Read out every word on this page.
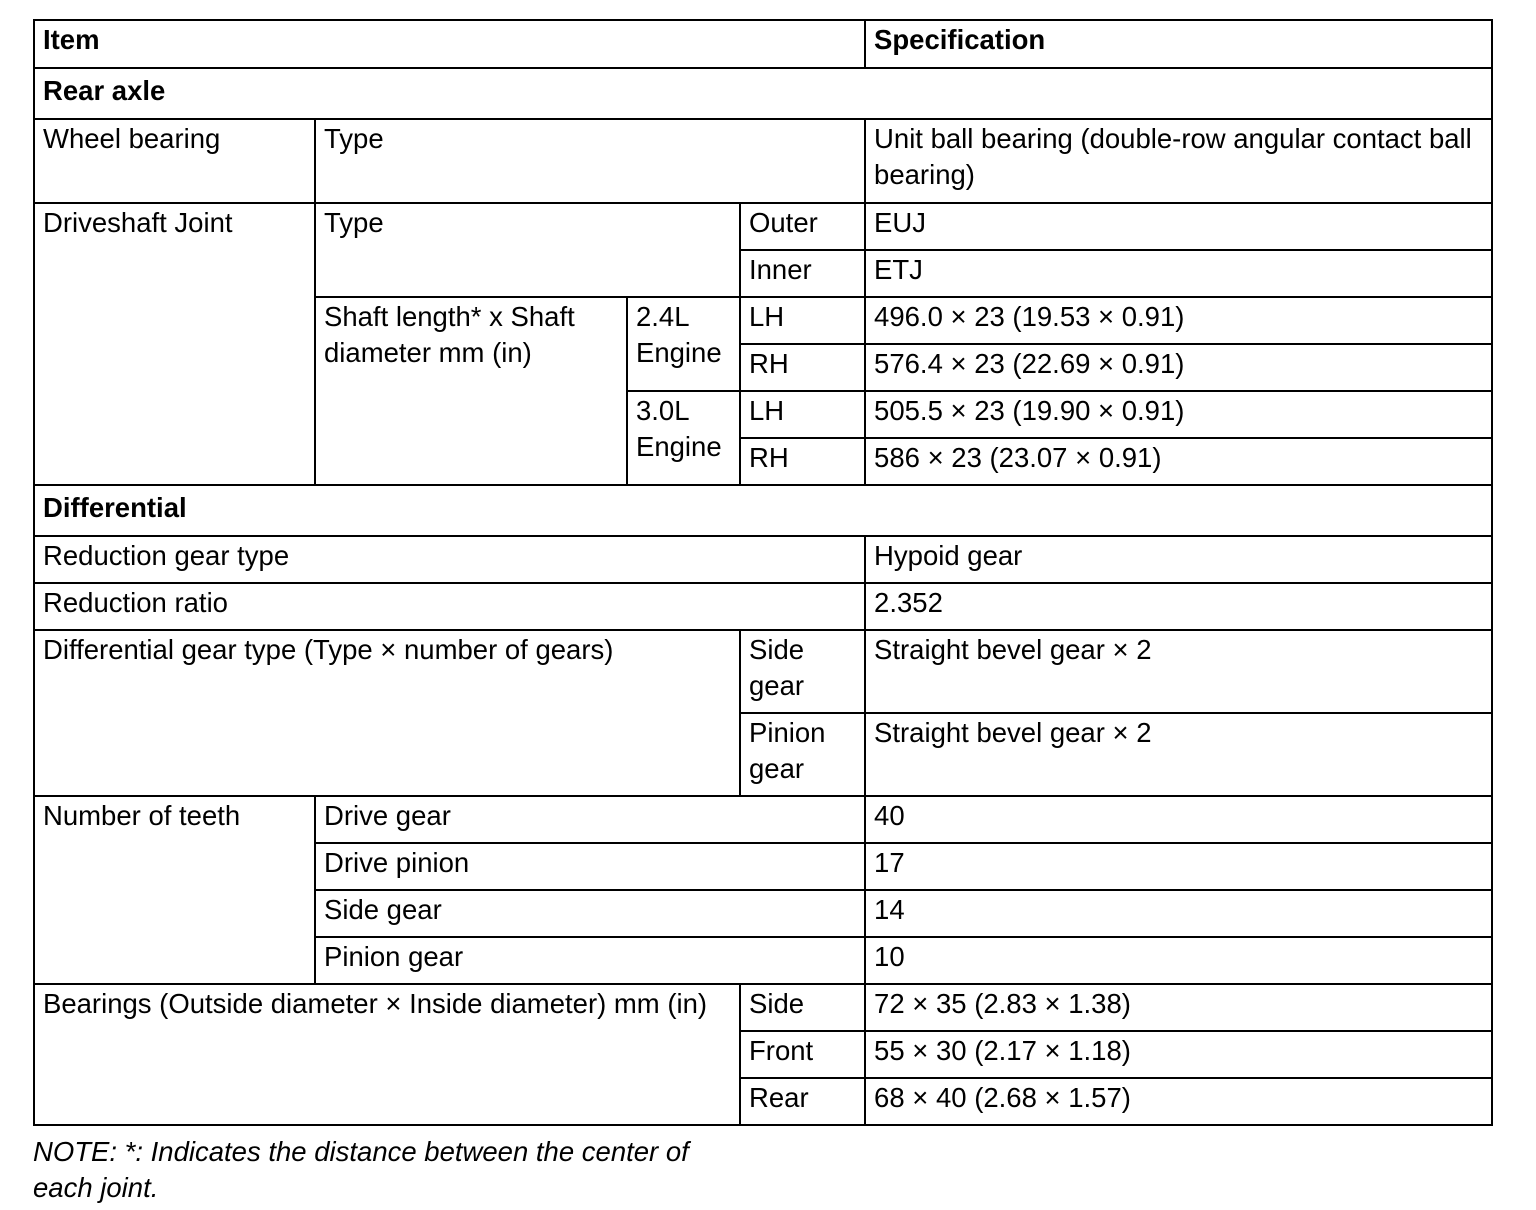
Item				Specification
Rear axle				
Wheel bearing	Type			Unit ball bearing (double-row angular contact ball bearing)
Driveshaft Joint	Type		Outer	EUJ
			Inner	ETJ
	Shaft length* x Shaft diameter mm (in)	2.4L Engine	LH	496.0 × 23 (19.53 × 0.91)
			RH	576.4 × 23 (22.69 × 0.91)
		3.0L Engine	LH	505.5 × 23 (19.90 × 0.91)
			RH	586 × 23 (23.07 × 0.91)
Differential				
Reduction gear type				Hypoid gear
Reduction ratio				2.352
Differential gear type (Type × number of gears)			Side gear	Straight bevel gear × 2
			Pinion gear	Straight bevel gear × 2
Number of teeth	Drive gear			40
	Drive pinion			17
	Side gear			14
	Pinion gear			10
Bearings (Outside diameter × Inside diameter) mm (in)			Side	72 × 35 (2.83 × 1.38)
			Front	55 × 30 (2.17 × 1.18)
			Rear	68 × 40 (2.68 × 1.57)

NOTE: *: Indicates the distance between the center of each joint.
